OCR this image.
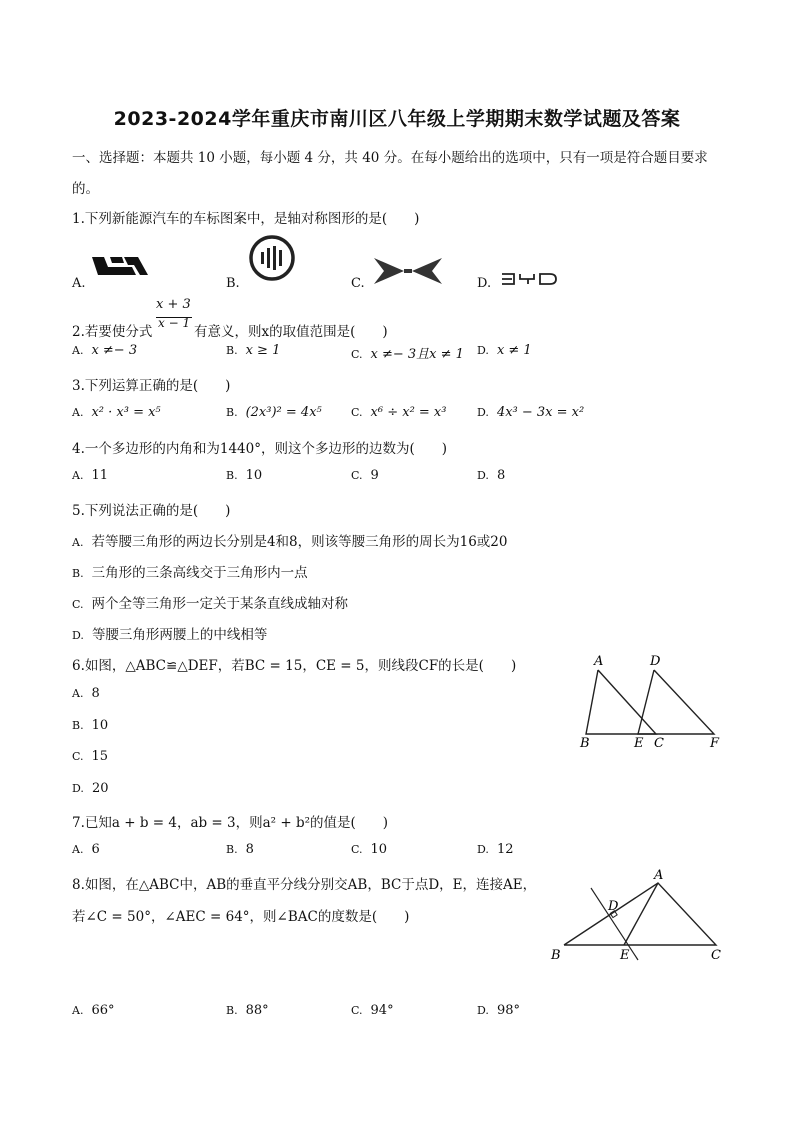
2023-2024学年重庆市南川区八年级上学期期末数学试题及答案
一、选择题：本题共 10 小题，每小题 4 分，共 40 分。在每小题给出的选项中，只有一项是符合题目要求
的。
1.下列新能源汽车的车标图案中，是轴对称图形的是(　　)
A.	B.	C.	D.
x + 3
x − 1
2.若要使分式	有意义，则x的取值范围是(　　)
A. x ≠− 3	B. x ≥ 1	C. x ≠− 3且x ≠ 1 D. x ≠ 1
3.下列运算正确的是(　　)
A. x² · x³ = x⁵	B. (2x³)² = 4x⁵	C. x⁶ ÷ x² = x³	D. 4x³ − 3x = x²
4.一个多边形的内角和为1440°，则这个多边形的边数为(　　)
A. 11	B. 10	C. 9	D. 8
5.下列说法正确的是(　　)
A. 若等腰三角形的两边长分别是4和8，则该等腰三角形的周长为16或20
B. 三角形的三条高线交于三角形内一点
C. 两个全等三角形一定关于某条直线成轴对称
D. 等腰三角形两腰上的中线相等
6.如图，△ABC≌△DEF，若BC = 15，CE = 5，则线段CF的长是(　　)
A. 8
B. 10
C. 15
D. 20
A	D
B	E C	F
7.已知a + b = 4，ab = 3，则a² + b²的值是(　　)
A. 6	B. 8	C. 10	D. 12
8.如图，在△ABC中，AB的垂直平分线分别交AB，BC于点D，E，连接AE，
若∠C = 50°，∠AEC = 64°，则∠BAC的度数是(　　)
A. 66°	B. 88°	C. 94°	D. 98°
A
D
B	E	C
